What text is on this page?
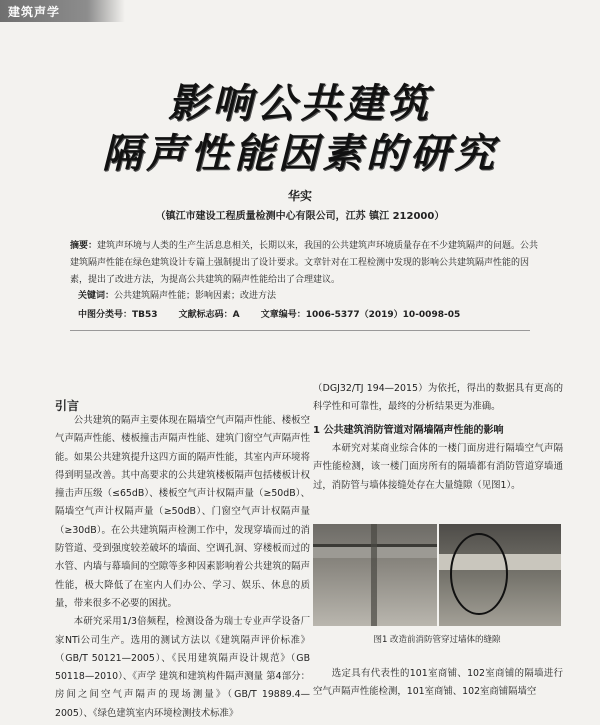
建筑声学
影响公共建筑
隔声性能因素的研究
华实
（镇江市建设工程质量检测中心有限公司，江苏 镇江 212000）
摘要：建筑声环境与人类的生产生活息息相关，长期以来，我国的公共建筑声环境质量存在不少建筑隔声的问题。公共建筑隔声性能在绿色建筑设计专篇上强制提出了设计要求。文章针对在工程检测中发现的影响公共建筑隔声性能的因素，提出了改进方法，为提高公共建筑的隔声性能给出了合理建议。
关键词：公共建筑隔声性能；影响因素；改进方法
中图分类号：TB53 文献标志码：A 文章编号：1006-5377（2019）10-0098-05
引言

公共建筑的隔声主要体现在隔墙空气声隔声性能、楼板空气声隔声性能、楼板撞击声隔声性能、建筑门窗空气声隔声性能。如果公共建筑提升这四方面的隔声性能，其室内声环境将得到明显改善。其中高要求的公共建筑楼板隔声包括楼板计权撞击声压级（≤65dB）、楼板空气声计权隔声量（≥50dB）、隔墙空气声计权隔声量（≥50dB）、门窗空气声计权隔声量（≥30dB）。在公共建筑隔声检测工作中，发现穿墙而过的消防管道、受到强度较差破坏的墙面、空调孔洞、穿楼板而过的水管、内墙与幕墙间的空隙等多种因素影响着公共建筑的隔声性能，极大降低了在室内人们办公、学习、娱乐、休息的质量，带来很多不必要的困扰。

本研究采用1/3倍频程，检测设备为瑞士专业声学设备厂家NTi公司生产。选用的测试方法以《建筑隔声评价标准》（GB/T 50121—2005）、《民用建筑隔声设计规范》（GB 50118—2010）、《声学 建筑和建筑构件隔声测量 第4部分：房间之间空气声隔声的现场测量》（GB/T 19889.4—2005）、《绿色建筑室内环境检测技术标准》

（DGJ32/TJ 194—2015）为依托，得出的数据具有更高的科学性和可靠性，最终的分析结果更为准确。

1 公共建筑消防管道对隔墙隔声性能的影响

本研究对某商业综合体的一楼门面房进行隔墙空气声隔声性能检测，该一楼门面房所有的隔墙都有消防管道穿墙通过，消防管与墙体接缝处存在大量缝隙（见图1）。

图1 改造前消防管穿过墙体的缝隙

选定具有代表性的101室商铺、102室商铺的隔墙进行空气声隔声性能检测，101室商铺、102室商铺隔墙空
